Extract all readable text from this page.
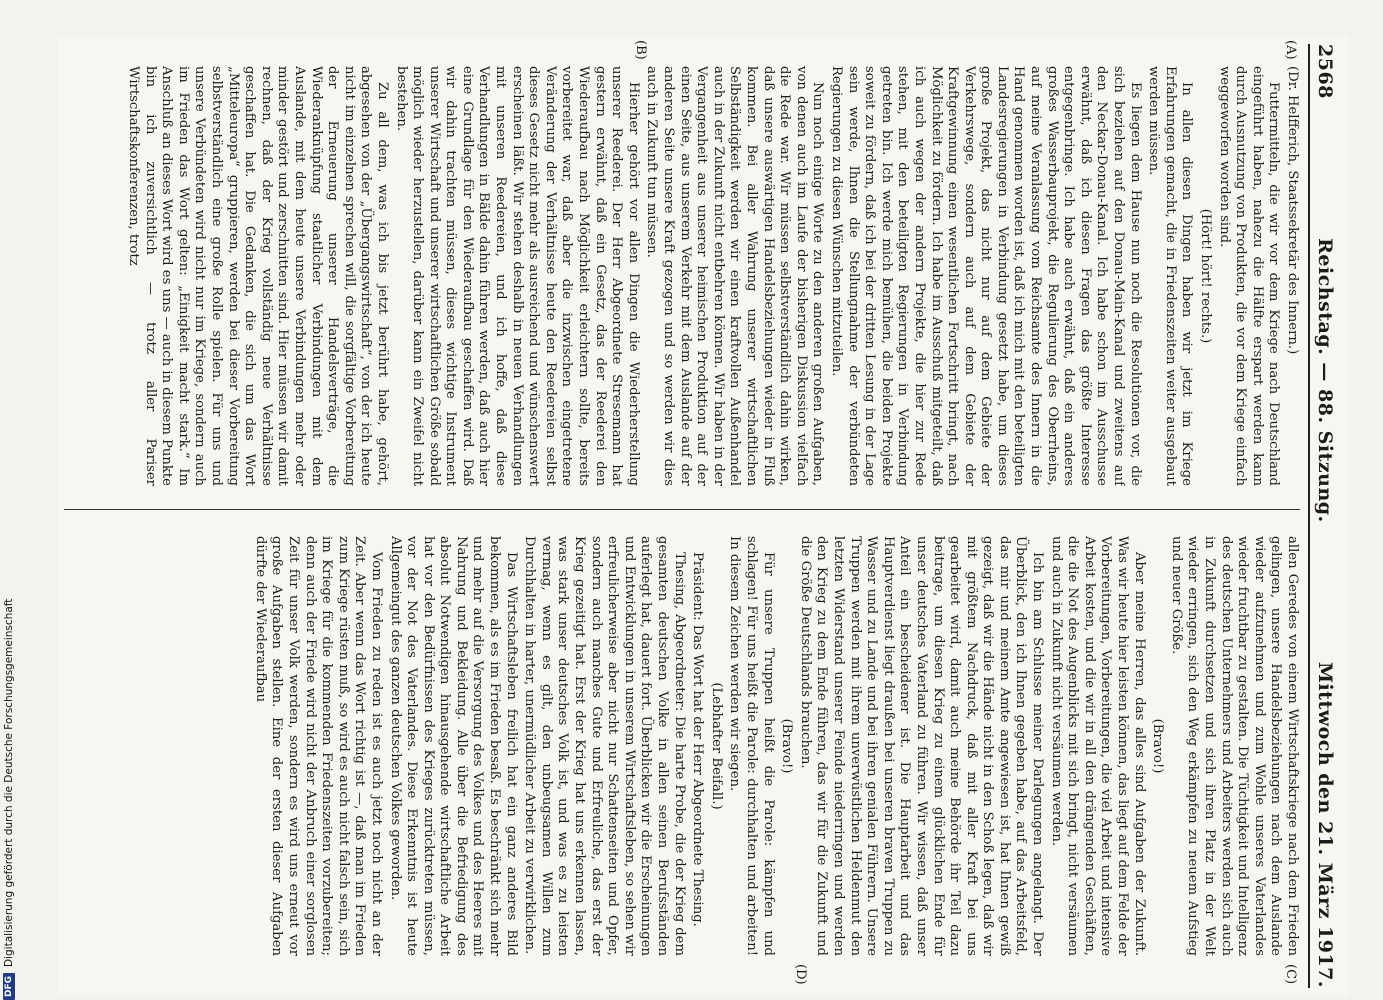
DFG
Digitalisierung gefördert durch die Deutsche Forschungsgemeinschaft
2568
Reichstag. — 88. Sitzung.
Mittwoch den 21. März 1917.
(A)
(B)
(C)
(D)

(Dr. Helfferich, Staatssekretär des Innern.)

Futtermitteln, die wir vor dem Kriege nach Deutschland eingeführt haben, nahezu die Hälfte erspart werden kann durch Ausnutzung von Produkten, die vor dem Kriege einfach weggeworfen worden sind.

(Hört! hört! rechts.)

In allen diesen Dingen haben wir jetzt im Kriege Erfahrungen gemacht, die in Friedenszeiten weiter ausgebaut werden müssen.

Es liegen dem Hause nun noch die Resolutionen vor, die sich beziehen auf den Donau-Main-Kanal und zweitens auf den Neckar-Donau-Kanal. Ich habe schon im Ausschusse erwähnt, daß ich diesen Fragen das größte Interesse entgegenbringe. Ich habe auch erwähnt, daß ein anderes großes Wasserbauprojekt, die Regulierung des Oberrheins, auf meine Veranlassung vom Reichsamte des Innern in die Hand genommen worden ist, daß ich mich mit den beteiligten Landesregierungen in Verbindung gesetzt habe, um dieses große Projekt, das nicht nur auf dem Gebiete der Verkehrswege, sondern auch auf dem Gebiete der Kraftgewinnung einen wesentlichen Fortschritt bringt, nach Möglichkeit zu fördern. Ich habe im Ausschuß mitgeteilt, daß ich auch wegen der andern Projekte, die hier zur Rede stehen, mit den beteiligten Regierungen in Verbindung getreten bin. Ich werde mich bemühen, die beiden Projekte soweit zu fördern, daß ich bei der dritten Lesung in der Lage sein werde, Ihnen die Stellungnahme der verbündeten Regierungen zu diesen Wünschen mitzuteilen.

Nun noch einige Worte zu den anderen großen Aufgaben, von denen auch im Laufe der bisherigen Diskussion vielfach die Rede war. Wir müssen selbstverständlich dahin wirken, daß unsere auswärtigen Handelsbeziehungen wieder in Fluß kommen. Bei aller Wahrung unserer wirtschaftlichen Selbständigkeit werden wir einen kraftvollen Außenhandel auch in der Zukunft nicht entbehren können. Wir haben in der Vergangenheit aus unserer heimischen Produktion auf der einen Seite, aus unserem Verkehr mit dem Auslande auf der anderen Seite unsere Kraft gezogen und so werden wir dies auch in Zukunft tun müssen.

Hierher gehört vor allen Dingen die Wiederherstellung unserer Reederei. Der Herr Abgeordnete Stresemann hat gestern erwähnt, daß ein Gesetz, das der Reederei den Wiederaufbau nach Möglichkeit erleichtern sollte, bereits vorbereitet war, daß aber die inzwischen eingetretene Veränderung der Verhältnisse heute den Reedereien selbst dieses Gesetz nicht mehr als ausreichend und wünschenswert erscheinen läßt. Wir stehen deshalb in neuen Verhandlungen mit unseren Reedereien, und ich hoffe, daß diese Verhandlungen in Bälde dahin führen werden, daß auch hier eine Grundlage für den Wiederaufbau geschaffen wird. Daß wir dahin trachten müssen, dieses wichtige Instrument unserer Wirtschaft und unserer wirtschaftlichen Größe sobald möglich wieder herzustellen, darüber kann ein Zweifel nicht bestehen.

Zu all dem, was ich bis jetzt berührt habe, gehört, abgesehen von der „Übergangswirtschaft“, von der ich heute nicht im einzelnen sprechen will, die sorgfältige Vorbereitung der Erneuerung unserer Handelsverträge, die Wiederanknüpfung staatlicher Verbindungen mit dem Auslande, mit dem heute unsere Verbindungen mehr oder minder gestört und zerschnitten sind. Hier müssen wir damit rechnen, daß der Krieg vollständig neue Verhältnisse geschaffen hat. Die Gedanken, die sich um das Wort „Mitteleuropa“ gruppieren, werden bei dieser Vorbereitung selbstverständlich eine große Rolle spielen. Für uns und unsere Verbündeten wird nicht nur im Kriege, sondern auch im Frieden das Wort gelten: „Einigkeit macht stark.“ Im Anschluß an dieses Wort wird es uns — auch in diesem Punkte bin ich zuversichtlich — trotz aller Pariser Wirtschaftskonferenzen, trotz

allen Geredes von einem Wirtschaftskriege nach dem Frieden gelingen, unsere Handelsbeziehungen nach dem Auslande wieder aufzunehmen und zum Wohle unseres Vaterlandes wieder fruchtbar zu gestalten. Die Tüchtigkeit und Intelligenz des deutschen Unternehmers und Arbeiters werden sich auch in Zukunft durchsetzen und sich ihren Platz in der Welt wieder erringen, sich den Weg erkämpfen zu neuem Aufstieg und neuer Größe.

(Bravo!)

Aber meine Herren, das alles sind Aufgaben der Zukunft. Was wir heute hier leisten können, das liegt auf dem Felde der Vorbereitungen, Vorbereitungen, die viel Arbeit und intensive Arbeit kosten, und die wir in all den drängenden Geschäften, die die Not des Augenblicks mit sich bringt, nicht versäumen und auch in Zukunft nicht versäumen werden.

Ich bin am Schlusse meiner Darlegungen angelangt. Der Überblick, den ich Ihnen gegeben habe, auf das Arbeitsfeld, das mir und meinem Amte angewiesen ist, hat Ihnen gewiß gezeigt, daß wir die Hände nicht in den Schoß legen, daß wir mit größtem Nachdruck, daß mit aller Kraft bei uns gearbeitet wird, damit auch meine Behörde ihr Teil dazu beitrage, um diesen Krieg zu einem glücklichen Ende für unser deutsches Vaterland zu führen. Wir wissen, daß unser Anteil ein bescheidener ist. Die Hauptarbeit und das Hauptverdienst liegt draußen bei unseren braven Truppen zu Wasser und zu Lande und bei ihren genialen Führern. Unsere Truppen werden mit ihrem unverwüstlichen Heldenmut den letzten Widerstand unserer Feinde niederringen und werden den Krieg zu dem Ende führen, das wir für die Zukunft und die Größe Deutschlands brauchen.

(Bravo!)

Für unsere Truppen heißt die Parole: kämpfen und schlagen! Für uns heißt die Parole: durchhalten und arbeiten! In diesem Zeichen werden wir siegen.

(Lebhafter Beifall.)

Präsident: Das Wort hat der Herr Abgeordnete Thesing.

Thesing, Abgeordneter: Die harte Probe, die der Krieg dem gesamten deutschen Volke in allen seinen Berufsständen auferlegt hat, dauert fort. Überblicken wir die Erscheinungen und Entwicklungen in unserem Wirtschaftsleben, so sehen wir erfreulicherweise aber nicht nur Schattenseiten und Opfer, sondern auch manches Gute und Erfreuliche, das erst der Krieg gezeitigt hat. Erst der Krieg hat uns erkennen lassen, was stark unser deutsches Volk ist, und was es zu leisten vermag, wenn es gilt, den unbeugsamen Willen zum Durchhalten in harter, unermüdlicher Arbeit zu verwirklichen.

Das Wirtschaftsleben freilich hat ein ganz anderes Bild bekommen, als es im Frieden besaß. Es beschränkt sich mehr und mehr auf die Versorgung des Volkes und des Heeres mit Nahrung und Bekleidung. Alle über die Befriedigung des absolut Notwendigen hinausgehende wirtschaftliche Arbeit hat vor den Bedürfnissen des Krieges zurücktreten müssen, vor der Not des Vaterlandes. Diese Erkenntnis ist heute Allgemeingut des ganzen deutschen Volkes geworden.

Vom Frieden zu reden ist es auch jetzt noch nicht an der Zeit. Aber wenn das Wort richtig ist —, daß man im Frieden zum Kriege rüsten muß, so wird es auch nicht falsch sein, sich im Kriege für die kommenden Friedenszeiten vorzubereiten; denn auch der Friede wird nicht der Anbruch einer sorglosen Zeit für unser Volk werden, sondern es wird uns erneut vor große Aufgaben stellen. Eine der ersten dieser Aufgaben dürfte der Wiederaufbau
